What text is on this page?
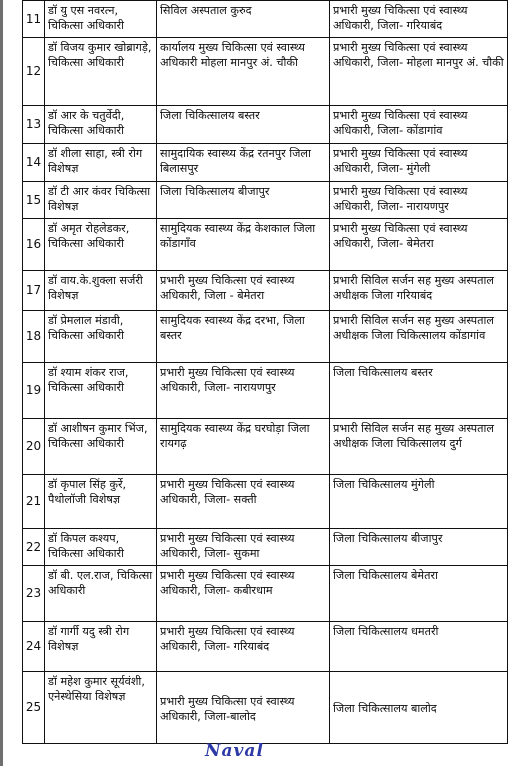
11	डॉ यु एस नवरत्न, चिकित्सा अधिकारी	सिविल अस्पताल कुरुद	प्रभारी मुख्य चिकित्सा एवं स्वास्थ्य अधिकारी, जिला- गरियाबंद
12	डॉ विजय कुमार खोब्रागड़े, चिकित्सा अधिकारी	कार्यालय मुख्य चिकित्सा एवं स्वास्थ्य अधिकारी मोहला मानपुर अं. चौकी	प्रभारी मुख्य चिकित्सा एवं स्वास्थ्य अधिकारी, जिला- मोहला मानपुर अं. चौकी
13	डॉ आर के चतुर्वेदी, चिकित्सा अधिकारी	जिला चिकित्सालय बस्तर	प्रभारी मुख्य चिकित्सा एवं स्वास्थ्य अधिकारी, जिला- कोंडागांव
14	डॉ शीला साहा, स्त्री रोग विशेषज्ञ	सामुदायिक स्वास्थ्य केंद्र रतनपुर जिला बिलासपुर	प्रभारी मुख्य चिकित्सा एवं स्वास्थ्य अधिकारी, जिला- मुंगेली
15	डॉ टी आर कंवर चिकित्सा विशेषज्ञ	जिला चिकित्सालय बीजापुर	प्रभारी मुख्य चिकित्सा एवं स्वास्थ्य अधिकारी, जिला- नारायणपुर
16	डॉ अमृत रोहलेडकर, चिकित्सा अधिकारी	सामुदियक स्वास्थ्य केंद्र केशकाल जिला कोंडागाँव	प्रभारी मुख्य चिकित्सा एवं स्वास्थ्य अधिकारी, जिला- बेमेतरा
17	डॉ वाय.के.शुक्ला सर्जरी विशेषज्ञ	प्रभारी मुख्य चिकित्सा एवं स्वास्थ्य अधिकारी, जिला - बेमेतरा	प्रभारी सिविल सर्जन सह मुख्य अस्पताल अधीक्षक जिला गरियाबंद
18	डॉ प्रेमलाल मंडावी, चिकित्सा अधिकारी	सामुदियक स्वास्थ्य केंद्र दरभा, जिला बस्तर	प्रभारी सिविल सर्जन सह मुख्य अस्पताल अधीक्षक जिला चिकित्सालय कोंडागांव
19	डॉ श्याम शंकर राज, चिकित्सा अधिकारी	प्रभारी मुख्य चिकित्सा एवं स्वास्थ्य अधिकारी, जिला- नारायणपुर	जिला चिकित्सालय बस्तर
20	डॉ आशीषन कुमार भिंज, चिकित्सा अधिकारी	सामुदियक स्वास्थ्य केंद्र घरघोड़ा जिला रायगढ़	प्रभारी सिविल सर्जन सह मुख्य अस्पताल अधीक्षक जिला चिकित्सालय दुर्ग
21	डॉ कृपाल सिंह कुर्रे, पैथोलॉजी विशेषज्ञ	प्रभारी मुख्य चिकित्सा एवं स्वास्थ्य अधिकारी, जिला- सक्ती	जिला चिकित्सालय मुंगेली
22	डॉ किपल कश्यप, चिकित्सा अधिकारी	प्रभारी मुख्य चिकित्सा एवं स्वास्थ्य अधिकारी, जिला- सुकमा	जिला चिकित्सालय बीजापुर
23	डॉ बी. एल.राज, चिकित्सा अधिकारी	प्रभारी मुख्य चिकित्सा एवं स्वास्थ्य अधिकारी, जिला- कबीरधाम	जिला चिकित्सालय बेमेतरा
24	डॉ गार्गी यदु स्त्री रोग विशेषज्ञ	प्रभारी मुख्य चिकित्सा एवं स्वास्थ्य अधिकारी, जिला- गरियाबंद	जिला चिकित्सालय धमतरी
25	डॉ महेश कुमार सूर्यवंशी, एनेस्थेसिया विशेषज्ञ	प्रभारी मुख्य चिकित्सा एवं स्वास्थ्य अधिकारी, जिला-बालोद	जिला चिकित्सालय बालोद
Naval
